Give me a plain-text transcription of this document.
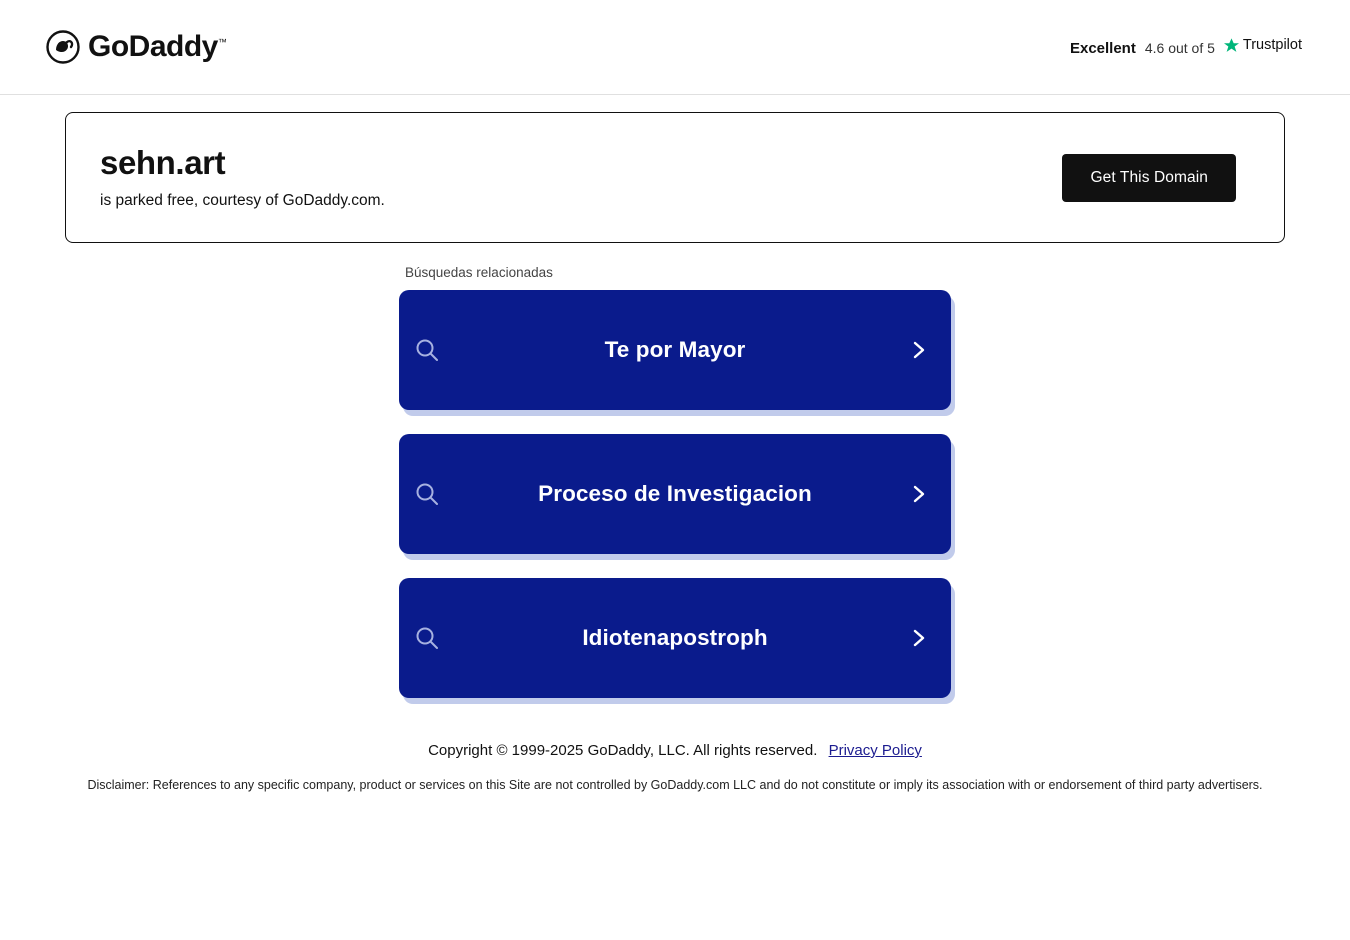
GoDaddy™	Excellent 4.6 out of 5 Trustpilot
sehn.art
is parked free, courtesy of GoDaddy.com.
Get This Domain
Búsquedas relacionadas
Te por Mayor
Proceso de Investigacion
Idiotenapostroph
Copyright © 1999-2025 GoDaddy, LLC. All rights reserved. Privacy Policy
Disclaimer: References to any specific company, product or services on this Site are not controlled by GoDaddy.com LLC and do not constitute or imply its association with or endorsement of third party advertisers.
